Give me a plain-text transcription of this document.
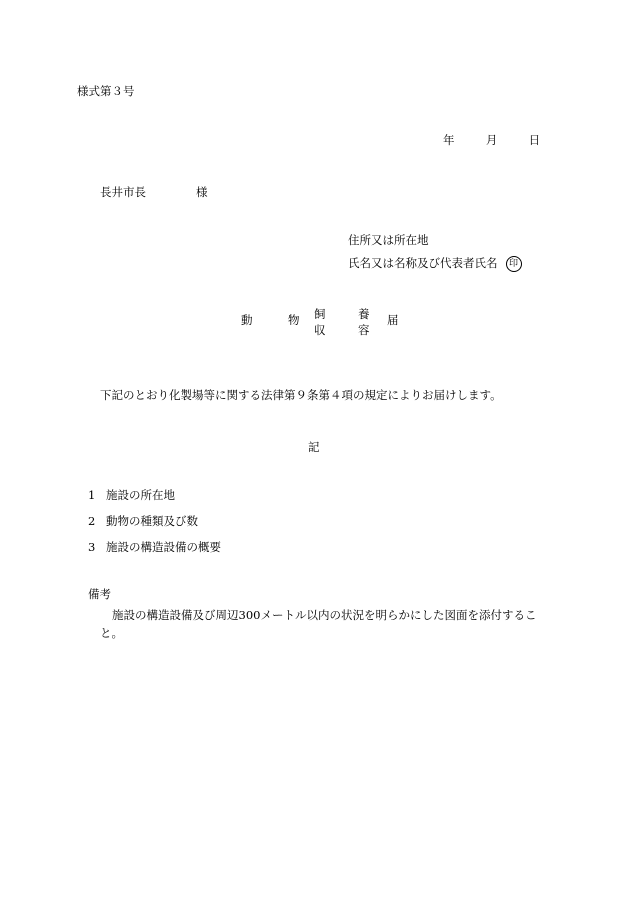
様式第３号
年	月	日
長井市長	様
住所又は所在地
氏名又は名称及び代表者氏名 印
動	物 飼
収
養
容
届
下記のとおり化製場等に関する法律第９条第４項の規定によりお届けします。
記
1 施設の所在地
2 動物の種類及び数
3 施設の構造設備の概要
備考
施設の構造設備及び周辺300メートル以内の状況を明らかにした図面を添付すること。
